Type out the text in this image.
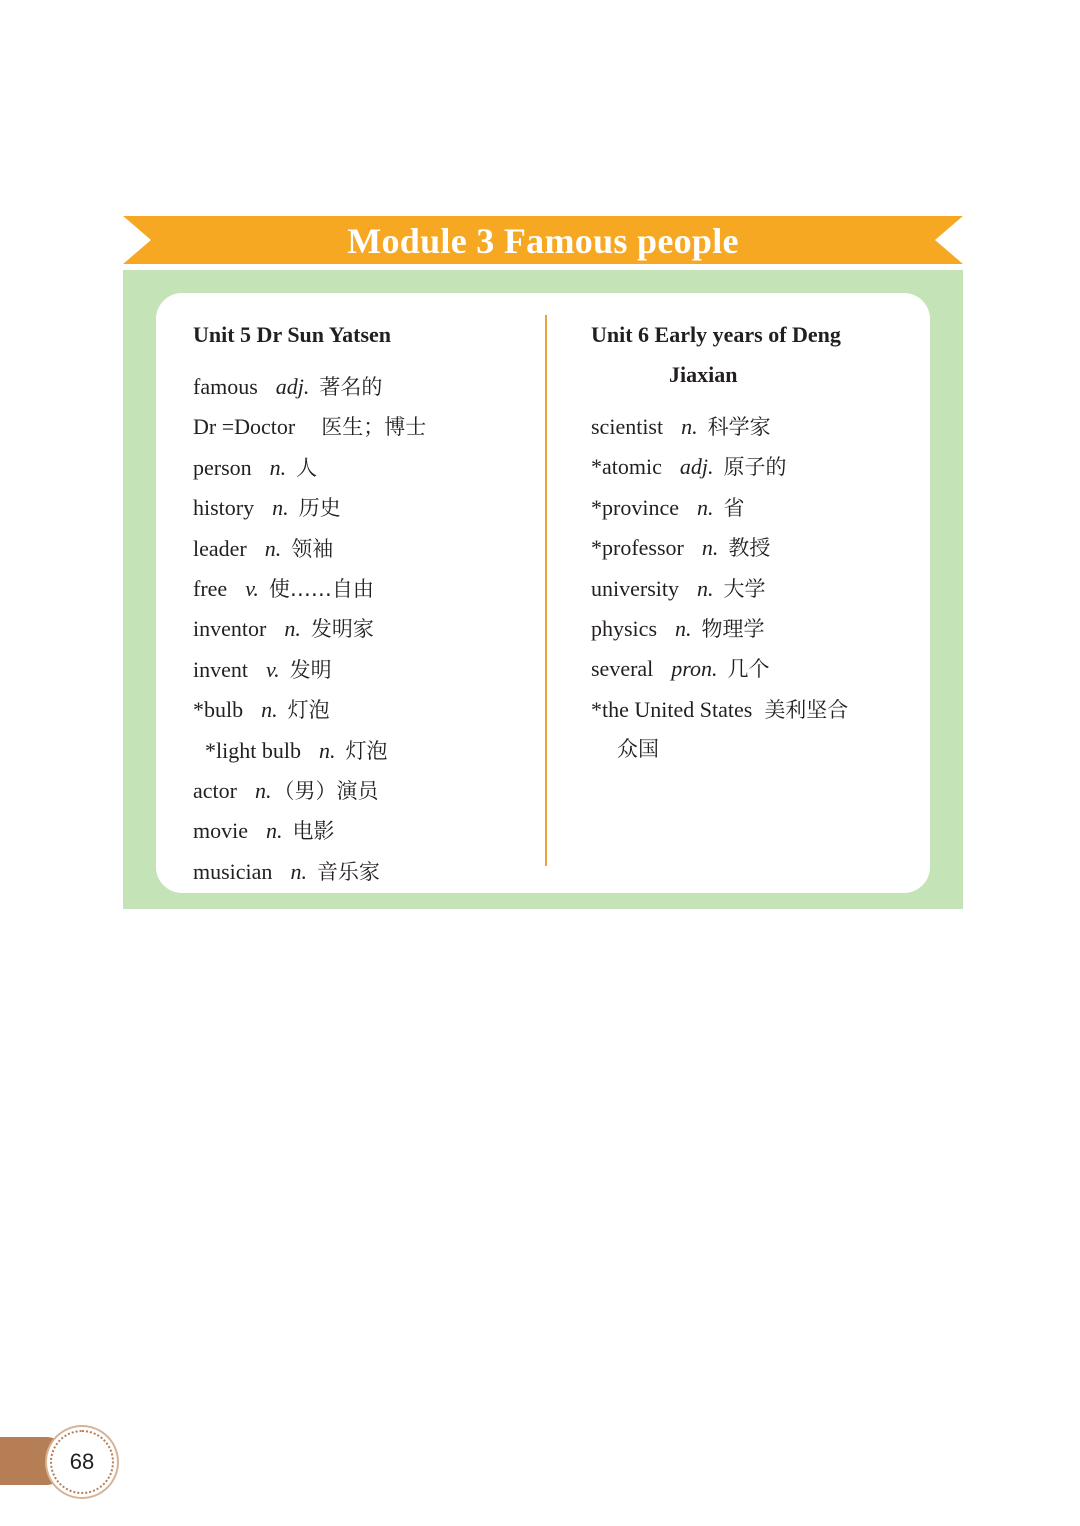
Module 3 Famous people
Unit 5 Dr Sun Yatsen
famous adj. 著名的
Dr =Doctor 医生；博士
person n. 人
history n. 历史
leader n. 领袖
free v. 使……自由
inventor n. 发明家
invent v. 发明
*bulb n. 灯泡
*light bulb n. 灯泡
actor n.（男）演员
movie n. 电影
musician n. 音乐家
Unit 6 Early years of Deng
Jiaxian
scientist n. 科学家
*atomic adj. 原子的
*province n. 省
*professor n. 教授
university n. 大学
physics n. 物理学
several pron. 几个
*the United States 美利坚合
众国
68
